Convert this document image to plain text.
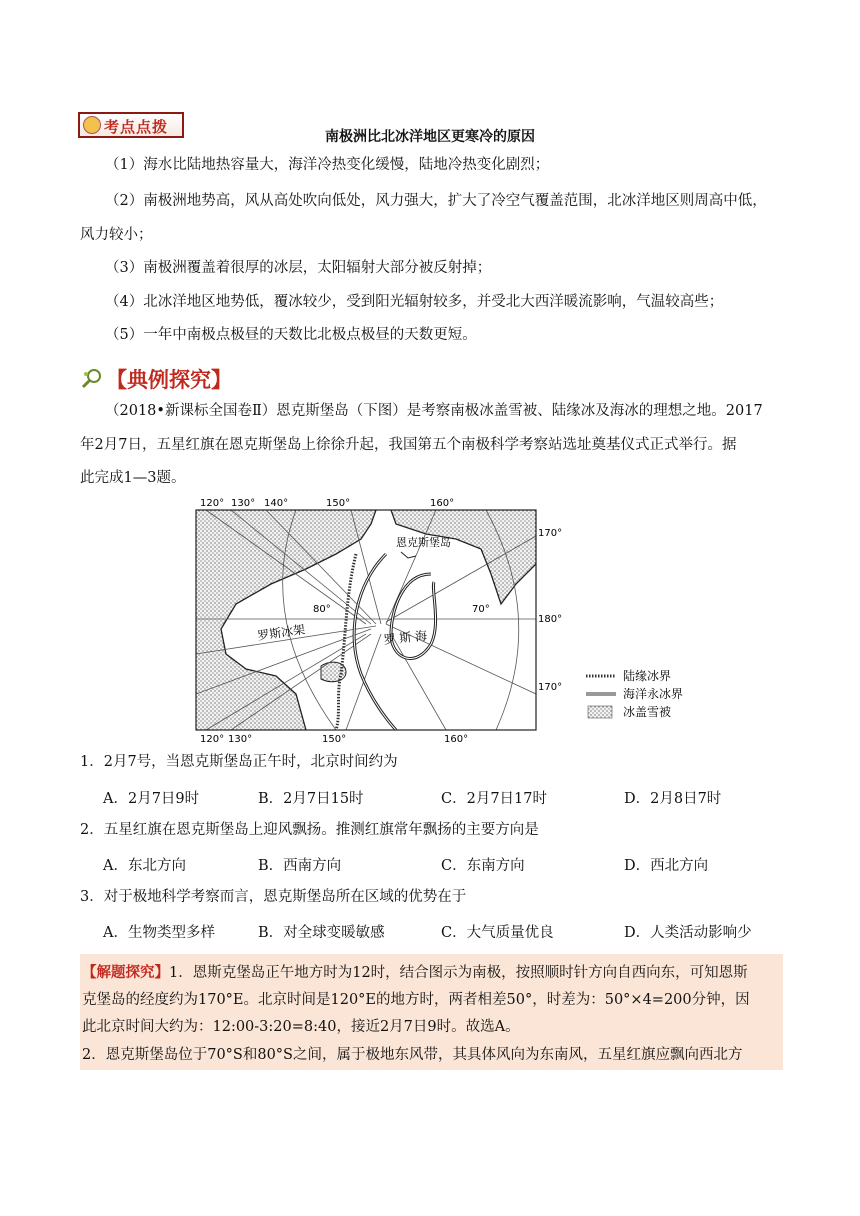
考点点拨
南极洲比北冰洋地区更寒冷的原因
（1）海水比陆地热容量大，海洋冷热变化缓慢，陆地冷热变化剧烈；
（2）南极洲地势高，风从高处吹向低处，风力强大，扩大了冷空气覆盖范围，北冰洋地区则周高中低，
风力较小；
（3）南极洲覆盖着很厚的冰层，太阳辐射大部分被反射掉；
（4）北冰洋地区地势低，覆冰较少，受到阳光辐射较多，并受北大西洋暖流影响，气温较高些；
（5）一年中南极点极昼的天数比北极点极昼的天数更短。
【典例探究】
（2018•新课标全国卷Ⅱ）恩克斯堡岛（下图）是考察南极冰盖雪被、陆缘冰及海冰的理想之地。2017
年2月7日，五星红旗在恩克斯堡岛上徐徐升起，我国第五个南极科学考察站选址奠基仪式正式举行。据
此完成1—3题。
120° 130° 140°	150°	160°
120° 130°	150°	160°
170°
180°
170°
80°	70°
恩克斯堡岛
罗斯冰架	罗 斯 海
陆缘冰界
海洋永冰界
冰盖雪被
1．2月7号，当恩克斯堡岛正午时，北京时间约为
A．2月7日9时	B．2月7日15时	C．2月7日17时	D．2月8日7时
2．五星红旗在恩克斯堡岛上迎风飘扬。推测红旗常年飘扬的主要方向是
A．东北方向	B．西南方向	C．东南方向	D．西北方向
3．对于极地科学考察而言，恩克斯堡岛所在区域的优势在于
A．生物类型多样	B．对全球变暖敏感	C．大气质量优良	D．人类活动影响少
【解题探究】1．恩斯克堡岛正午地方时为12时，结合图示为南极，按照顺时针方向自西向东，可知恩斯
克堡岛的经度约为170°E。北京时间是120°E的地方时，两者相差50°，时差为：50°×4=200分钟，因
此北京时间大约为：12:00-3:20=8:40，接近2月7日9时。故选A。
2．恩克斯堡岛位于70°S和80°S之间，属于极地东风带，其具体风向为东南风，五星红旗应飘向西北方
